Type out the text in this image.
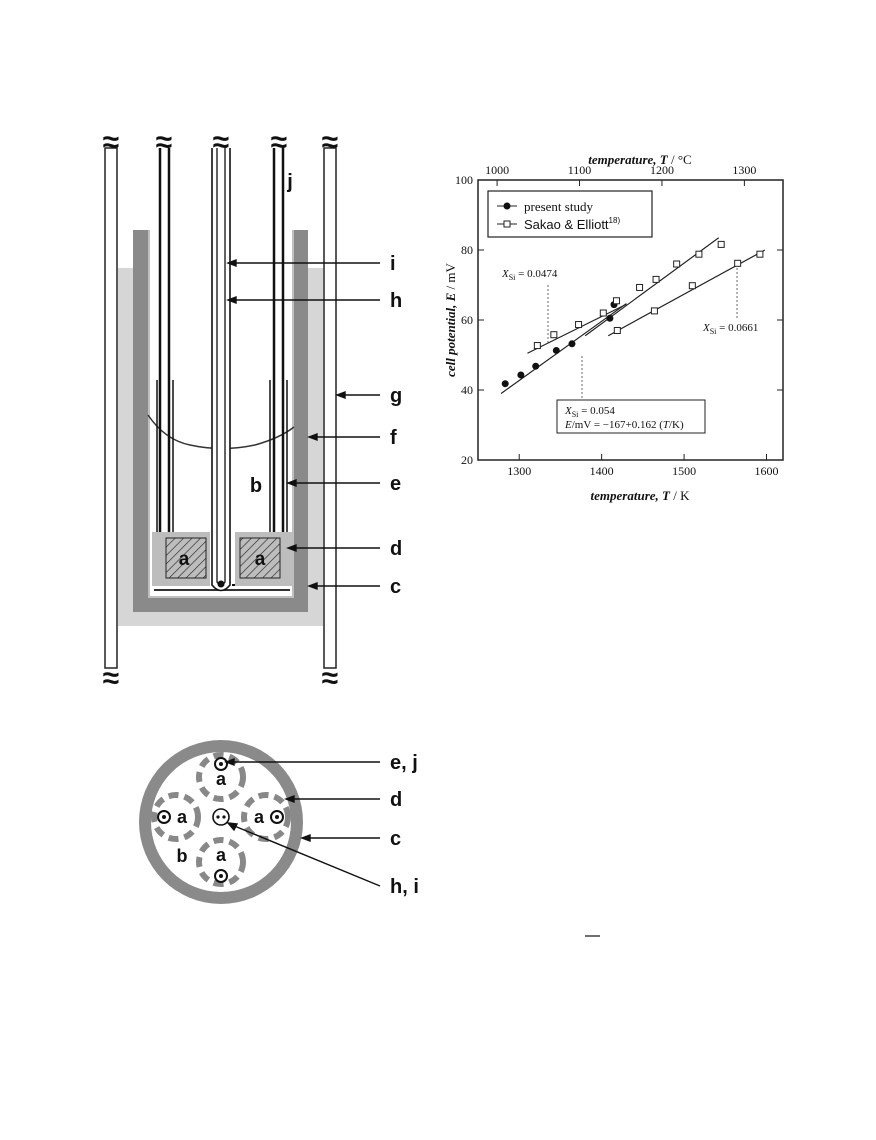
≈ ≈ ≈ ≈ ≈
≈	≈
a	a
b
j
i
h
g
f
e
d
c
a
a	a
a
b
e, j
d
c
h, i
temperature, T / °C
temperature, T / K
cell potential, E / mV
1300	1400	1500	1600
20
40
60
80
100
1000	1100	1200	1300
present study
Sakao & Elliott$^{18)}$
$X_{Si} = 0.0474$
$X_{Si} = 0.0661$
$X_{Si} = 0.054$
E/mV = −167+0.162 (T/K)
